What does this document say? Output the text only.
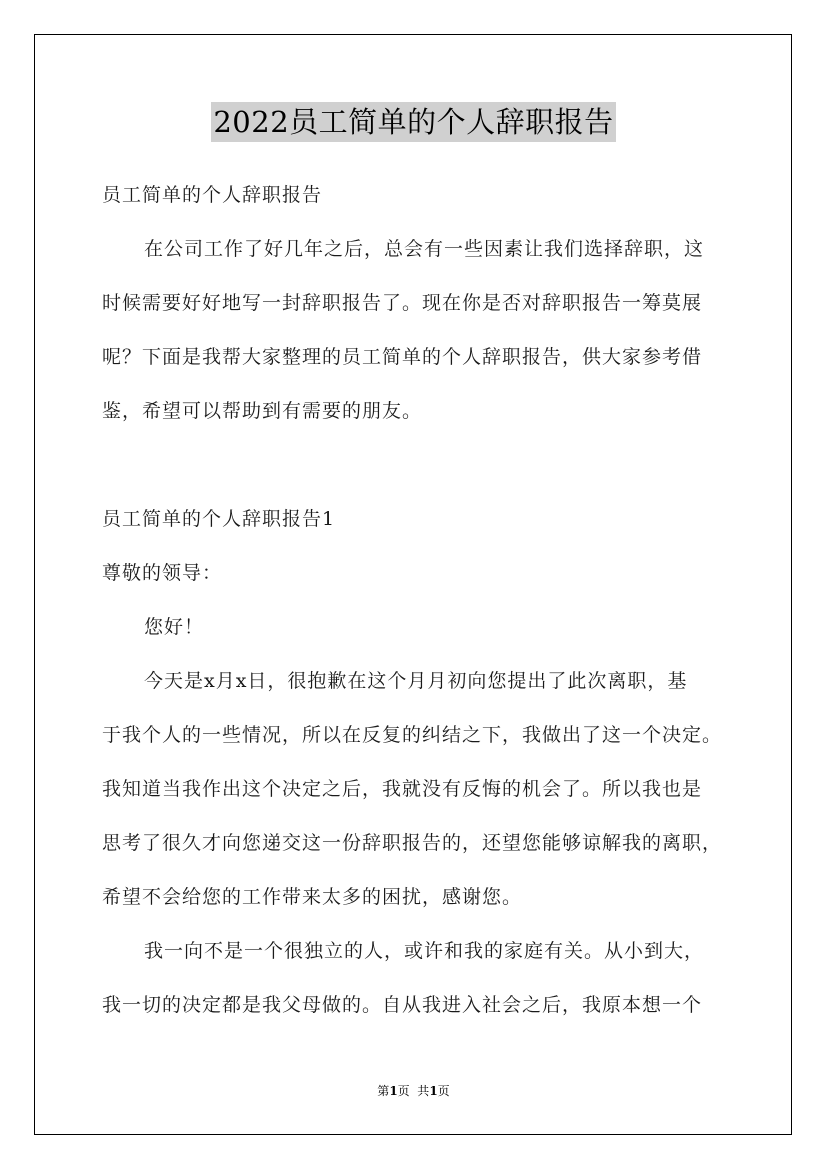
2022员工简单的个人辞职报告
员工简单的个人辞职报告
在公司工作了好几年之后，总会有一些因素让我们选择辞职，这
时候需要好好地写一封辞职报告了。现在你是否对辞职报告一筹莫展
呢？下面是我帮大家整理的员工简单的个人辞职报告，供大家参考借
鉴，希望可以帮助到有需要的朋友。
员工简单的个人辞职报告1
尊敬的领导：
您好！
今天是x月x日，很抱歉在这个月月初向您提出了此次离职，基
于我个人的一些情况，所以在反复的纠结之下，我做出了这一个决定。
我知道当我作出这个决定之后，我就没有反悔的机会了。所以我也是
思考了很久才向您递交这一份辞职报告的，还望您能够谅解我的离职，
希望不会给您的工作带来太多的困扰，感谢您。
我一向不是一个很独立的人，或许和我的家庭有关。从小到大，
我一切的决定都是我父母做的。自从我进入社会之后，我原本想一个
第1页  共1页
